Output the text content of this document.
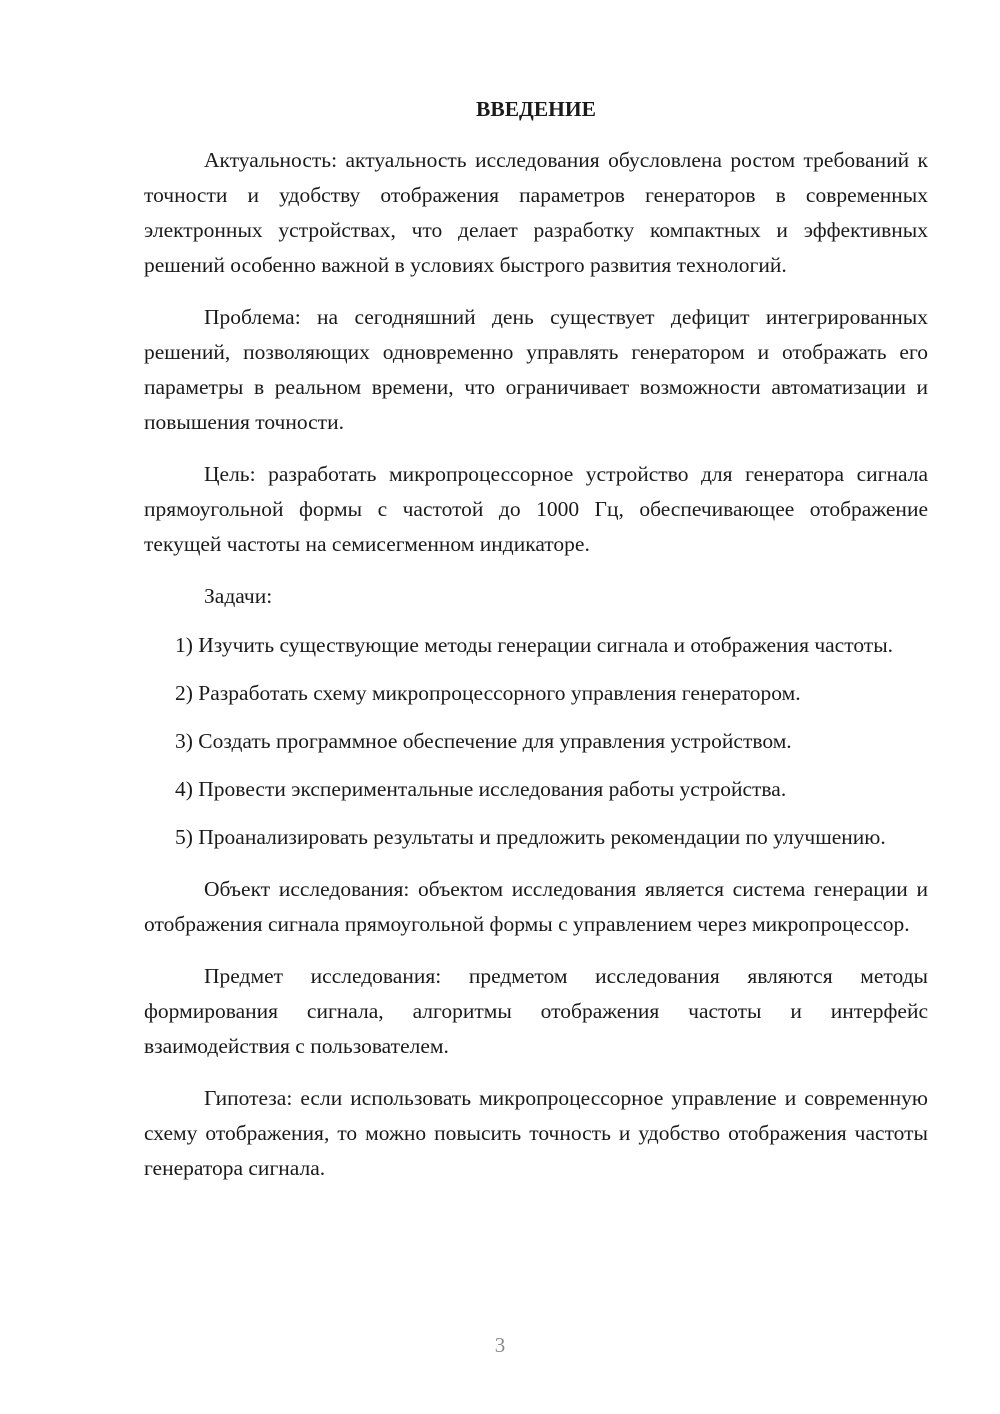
ВВЕДЕНИЕ

Актуальность: актуальность исследования обусловлена ростом требований к точности и удобству отображения параметров генераторов в современных электронных устройствах, что делает разработку компактных и эффективных решений особенно важной в условиях быстрого развития технологий.

Проблема: на сегодняшний день существует дефицит интегрированных решений, позволяющих одновременно управлять генератором и отображать его параметры в реальном времени, что ограничивает возможности автоматизации и повышения точности.

Цель: разработать микропроцессорное устройство для генератора сигнала прямоугольной формы с частотой до 1000 Гц, обеспечивающее отображение текущей частоты на семисегменном индикаторе.

Задачи:

1) Изучить существующие методы генерации сигнала и отображения частоты.

2) Разработать схему микропроцессорного управления генератором.

3) Создать программное обеспечение для управления устройством.

4) Провести экспериментальные исследования работы устройства.

5) Проанализировать результаты и предложить рекомендации по улучшению.

Объект исследования: объектом исследования является система генерации и отображения сигнала прямоугольной формы с управлением через микропроцессор.

Предмет исследования: предметом исследования являются методы формирования сигнала, алгоритмы отображения частоты и интерфейс взаимодействия с пользователем.

Гипотеза: если использовать микропроцессорное управление и современную схему отображения, то можно повысить точность и удобство отображения частоты генератора сигнала.

3
